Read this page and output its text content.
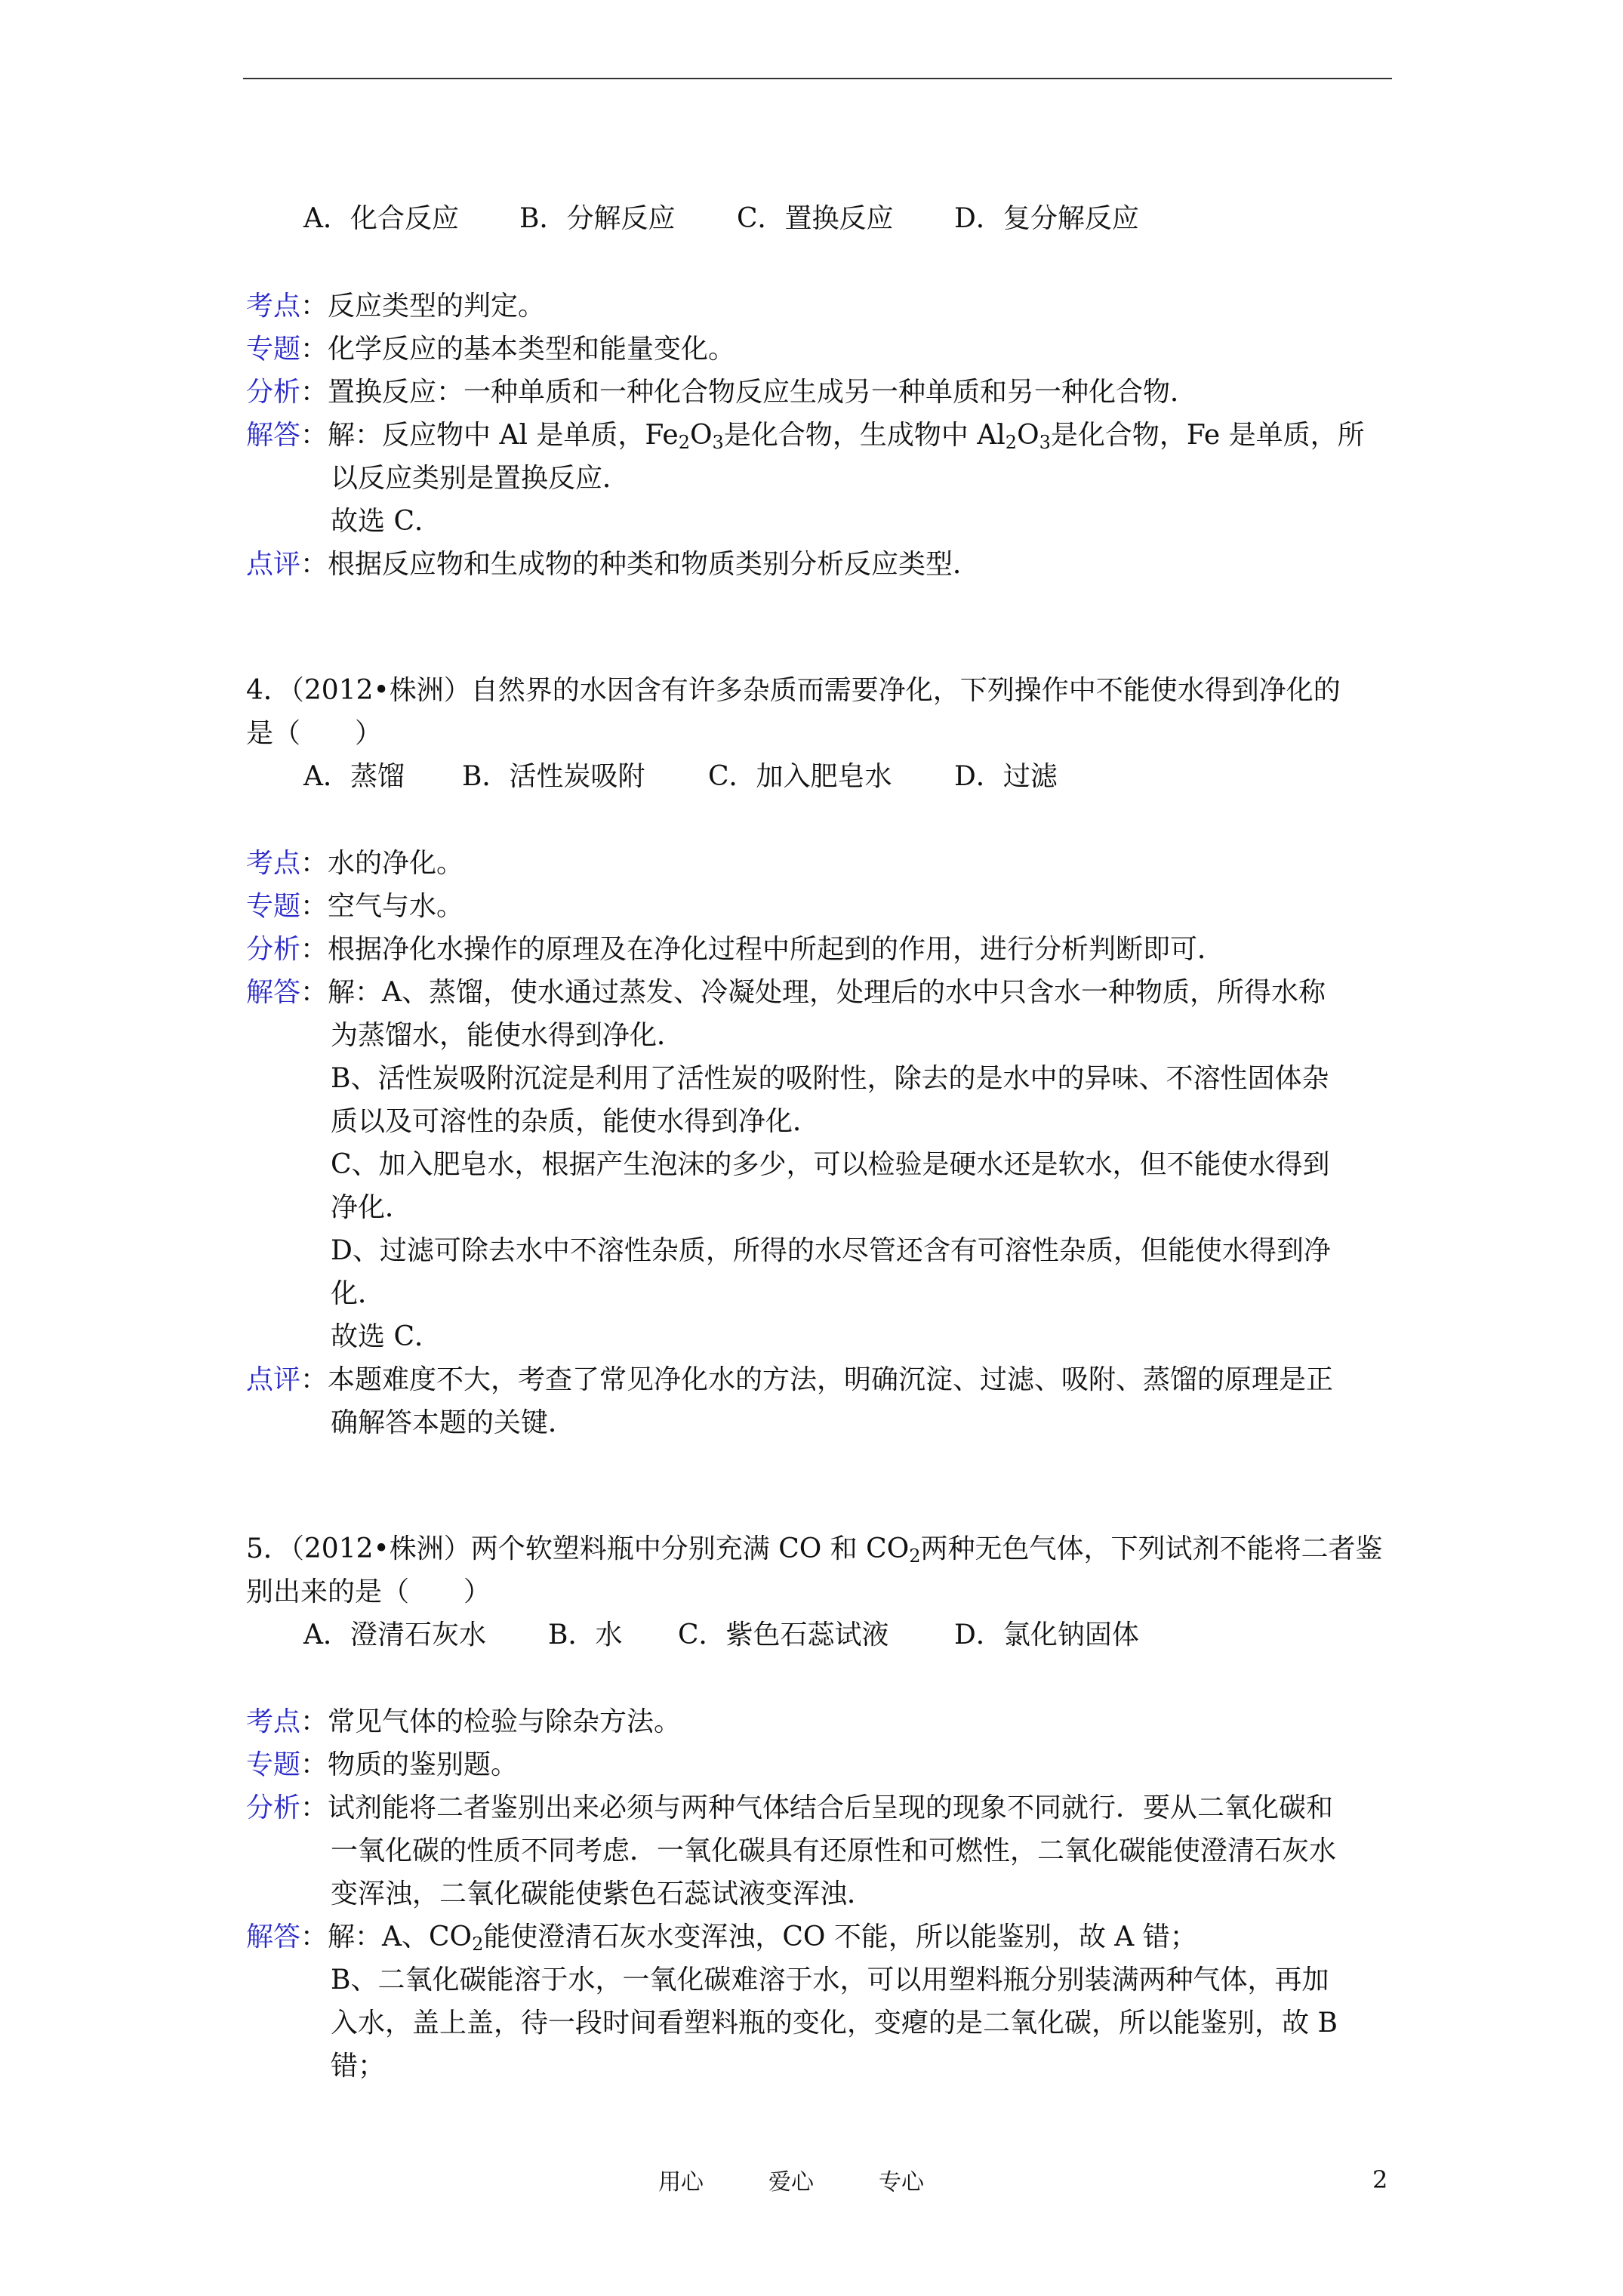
A．化合反应 B．分解反应 C．置换反应 D．复分解反应
考点：反应类型的判定。
专题：化学反应的基本类型和能量变化。
分析：置换反应：一种单质和一种化合物反应生成另一种单质和另一种化合物．
解答：解：反应物中 Al 是单质，$Fe_2O_3$是化合物，生成物中 $Al_2O_3$是化合物，Fe 是单质，所
以反应类别是置换反应．
故选 C．
点评：根据反应物和生成物的种类和物质类别分析反应类型．
4．（2012•株洲）自然界的水因含有许多杂质而需要净化，下列操作中不能使水得到净化的
是（　　）
A．蒸馏 B．活性炭吸附 C．加入肥皂水 D．过滤
考点：水的净化。
专题：空气与水。
分析：根据净化水操作的原理及在净化过程中所起到的作用，进行分析判断即可．
解答：解：A、蒸馏，使水通过蒸发、冷凝处理，处理后的水中只含水一种物质，所得水称
为蒸馏水，能使水得到净化．
B、活性炭吸附沉淀是利用了活性炭的吸附性，除去的是水中的异味、不溶性固体杂
质以及可溶性的杂质，能使水得到净化．
C、加入肥皂水，根据产生泡沫的多少，可以检验是硬水还是软水，但不能使水得到
净化．
D、过滤可除去水中不溶性杂质，所得的水尽管还含有可溶性杂质，但能使水得到净
化．
故选 C．
点评：本题难度不大，考查了常见净化水的方法，明确沉淀、过滤、吸附、蒸馏的原理是正
确解答本题的关键．
5．（2012•株洲）两个软塑料瓶中分别充满 CO 和 $CO_2$两种无色气体，下列试剂不能将二者鉴
别出来的是（　　）
A．澄清石灰水 B．水 C．紫色石蕊试液 D．氯化钠固体
考点：常见气体的检验与除杂方法。
专题：物质的鉴别题。
分析：试剂能将二者鉴别出来必须与两种气体结合后呈现的现象不同就行．要从二氧化碳和
一氧化碳的性质不同考虑．一氧化碳具有还原性和可燃性，二氧化碳能使澄清石灰水
变浑浊，二氧化碳能使紫色石蕊试液变浑浊．
解答：解：A、$CO_2$能使澄清石灰水变浑浊，CO 不能，所以能鉴别，故 A 错；
B、二氧化碳能溶于水，一氧化碳难溶于水，可以用塑料瓶分别装满两种气体，再加
入水，盖上盖，待一段时间看塑料瓶的变化，变瘪的是二氧化碳，所以能鉴别，故 B
错；
用心	爱心	专心	2
